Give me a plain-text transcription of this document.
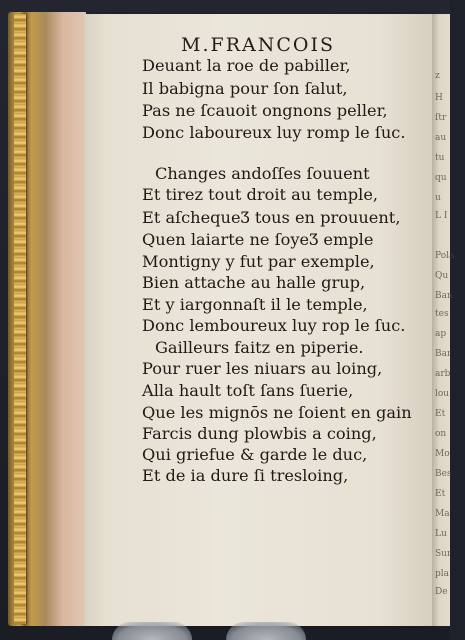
z
H
ſtr
au
tu
qu
u
L I
Pola
Qu
Ban
tes
ap
Bar
arb
lou
Et
on
Mo
Bes
Et
Ma
Lu
Sur
pla
De
M.FRANCOIS
Deuant la roe de pabiller,
Il babigna pour ſon ſalut,
Pas ne ſcauoit ongnons peller,
Donc laboureux luy romp le ſuc.
Changes andoſſes ſouuent
Et tirez tout droit au temple,
Et aſchequeƷ tous en prouuent,
Quen laiarte ne ſoyeƷ emple
Montigny y fut par exemple,
Bien attache au halle grup,
Et y iargonnaſt il le temple,
Donc lemboureux luy rop le ſuc.
Gailleurs faitz en piperie.
Pour ruer les niuars au loing,
Alla hault toſt ſans ſuerie,
Que les mignōs ne ſoient en gain
Farcis dung plowbis a coing,
Qui griefue & garde le duc,
Et de ia dure ſi tresloing,
